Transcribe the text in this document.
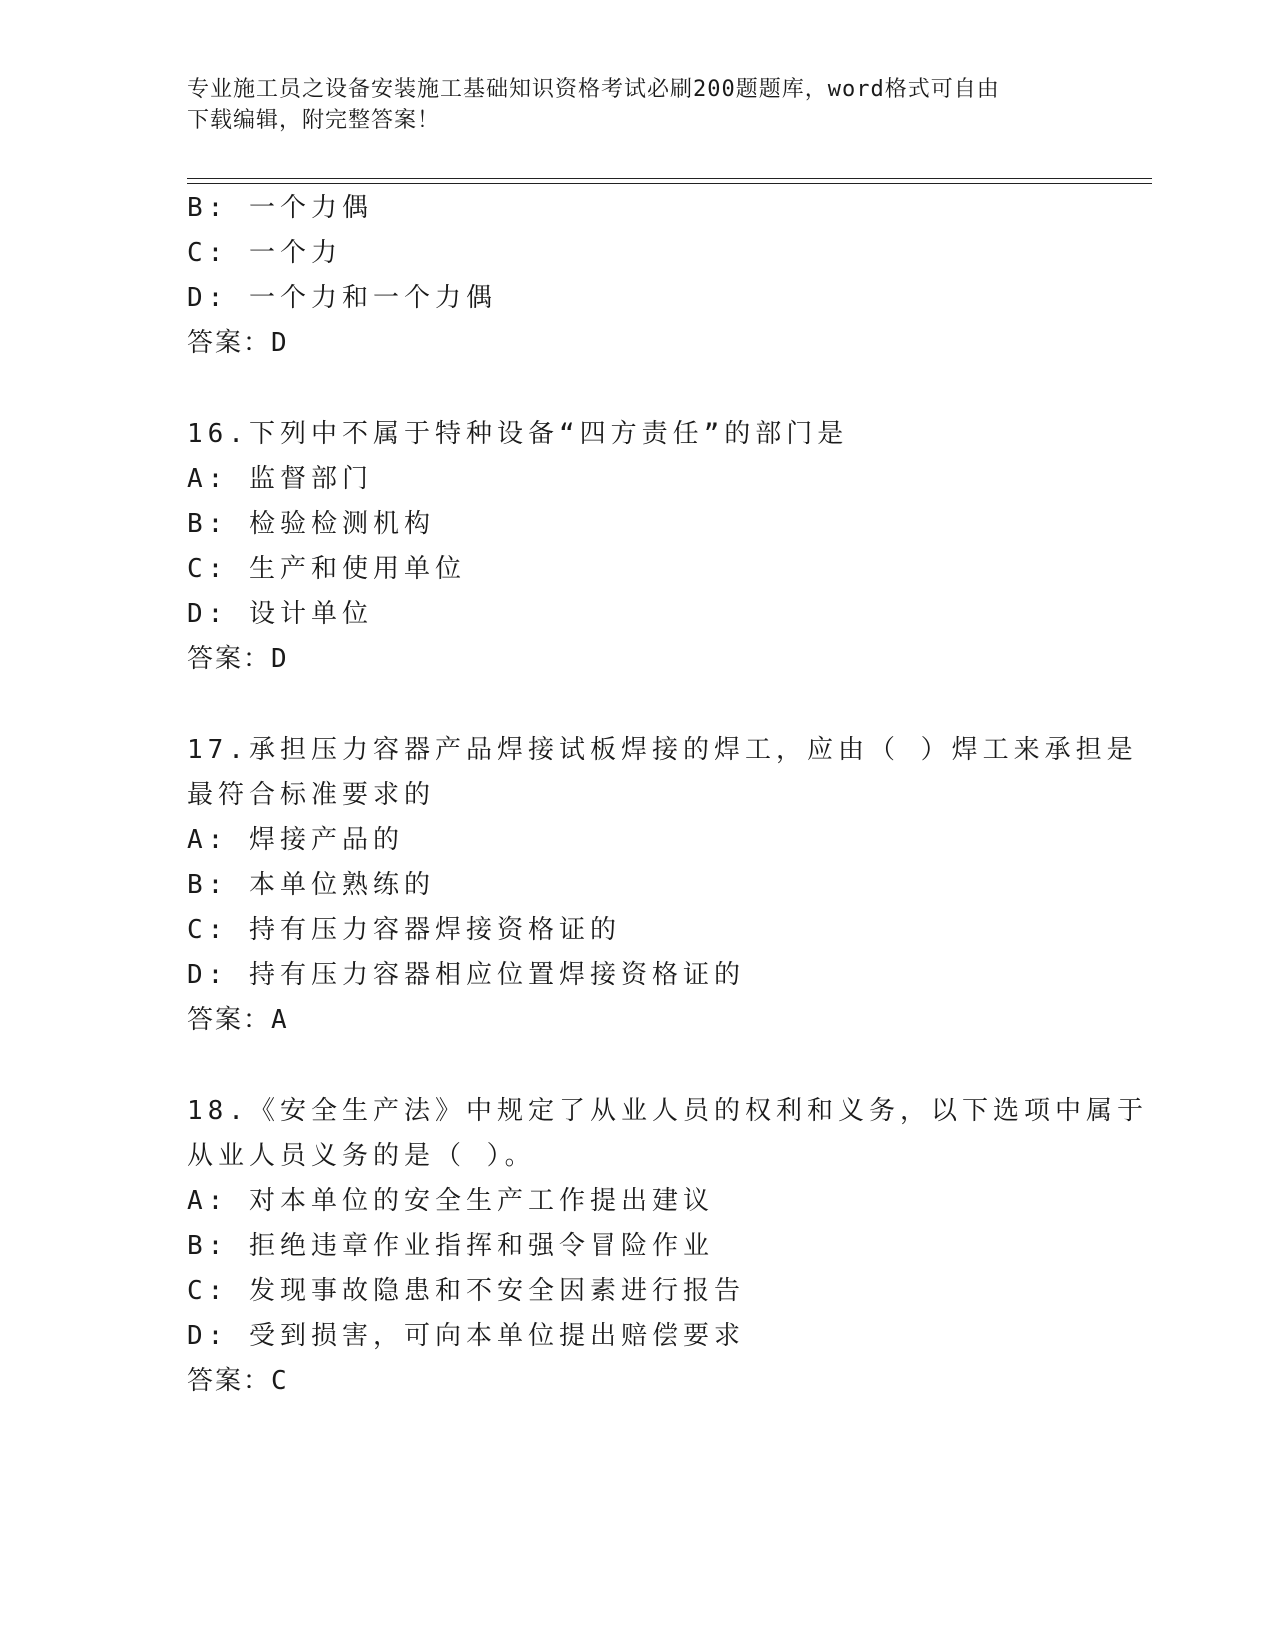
专业施工员之设备安装施工基础知识资格考试必刷200题题库，word格式可自由
下载编辑，附完整答案！
B: 一个力偶
C: 一个力
D: 一个力和一个力偶
答案：D
16.下列中不属于特种设备“四方责任”的部门是
A: 监督部门
B: 检验检测机构
C: 生产和使用单位
D: 设计单位
答案：D
17.承担压力容器产品焊接试板焊接的焊工，应由（ ）焊工来承担是
最符合标准要求的
A: 焊接产品的
B: 本单位熟练的
C: 持有压力容器焊接资格证的
D: 持有压力容器相应位置焊接资格证的
答案：A
18.《安全生产法》中规定了从业人员的权利和义务，以下选项中属于
从业人员义务的是（ ）。
A: 对本单位的安全生产工作提出建议
B: 拒绝违章作业指挥和强令冒险作业
C: 发现事故隐患和不安全因素进行报告
D: 受到损害，可向本单位提出赔偿要求
答案：C
